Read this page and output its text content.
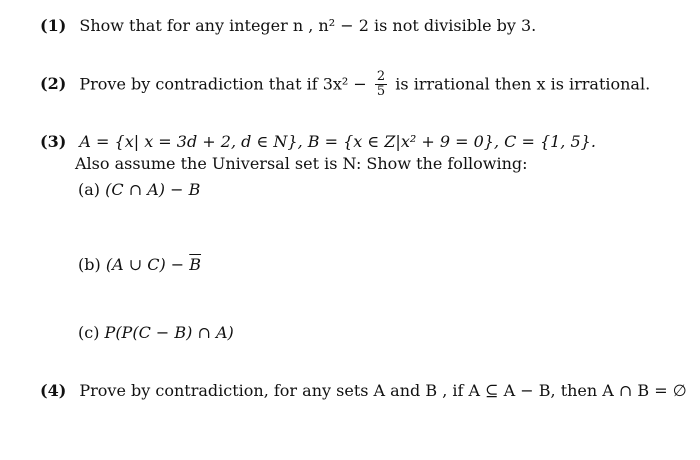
(1) Show that for any integer n , n² − 2 is not divisible by 3.
(2) Prove by contradiction that if $3x^2 - \frac{2}{5}$ is irrational then x is irrational.
(3) A = {x| x = 3d + 2, d ∈ N}, B = {x ∈ Z|x² + 9 = 0}, C = {1, 5}.
Also assume the Universal set is N: Show the following:
(a) (C ∩ A) − B
(b) (A ∪ $C) - \overline{B}$
(c) P(P(C − B) ∩ A)
(4) Prove by contradiction, for any sets A and B , if A ⊆ A − B, then A ∩ B = ∅
